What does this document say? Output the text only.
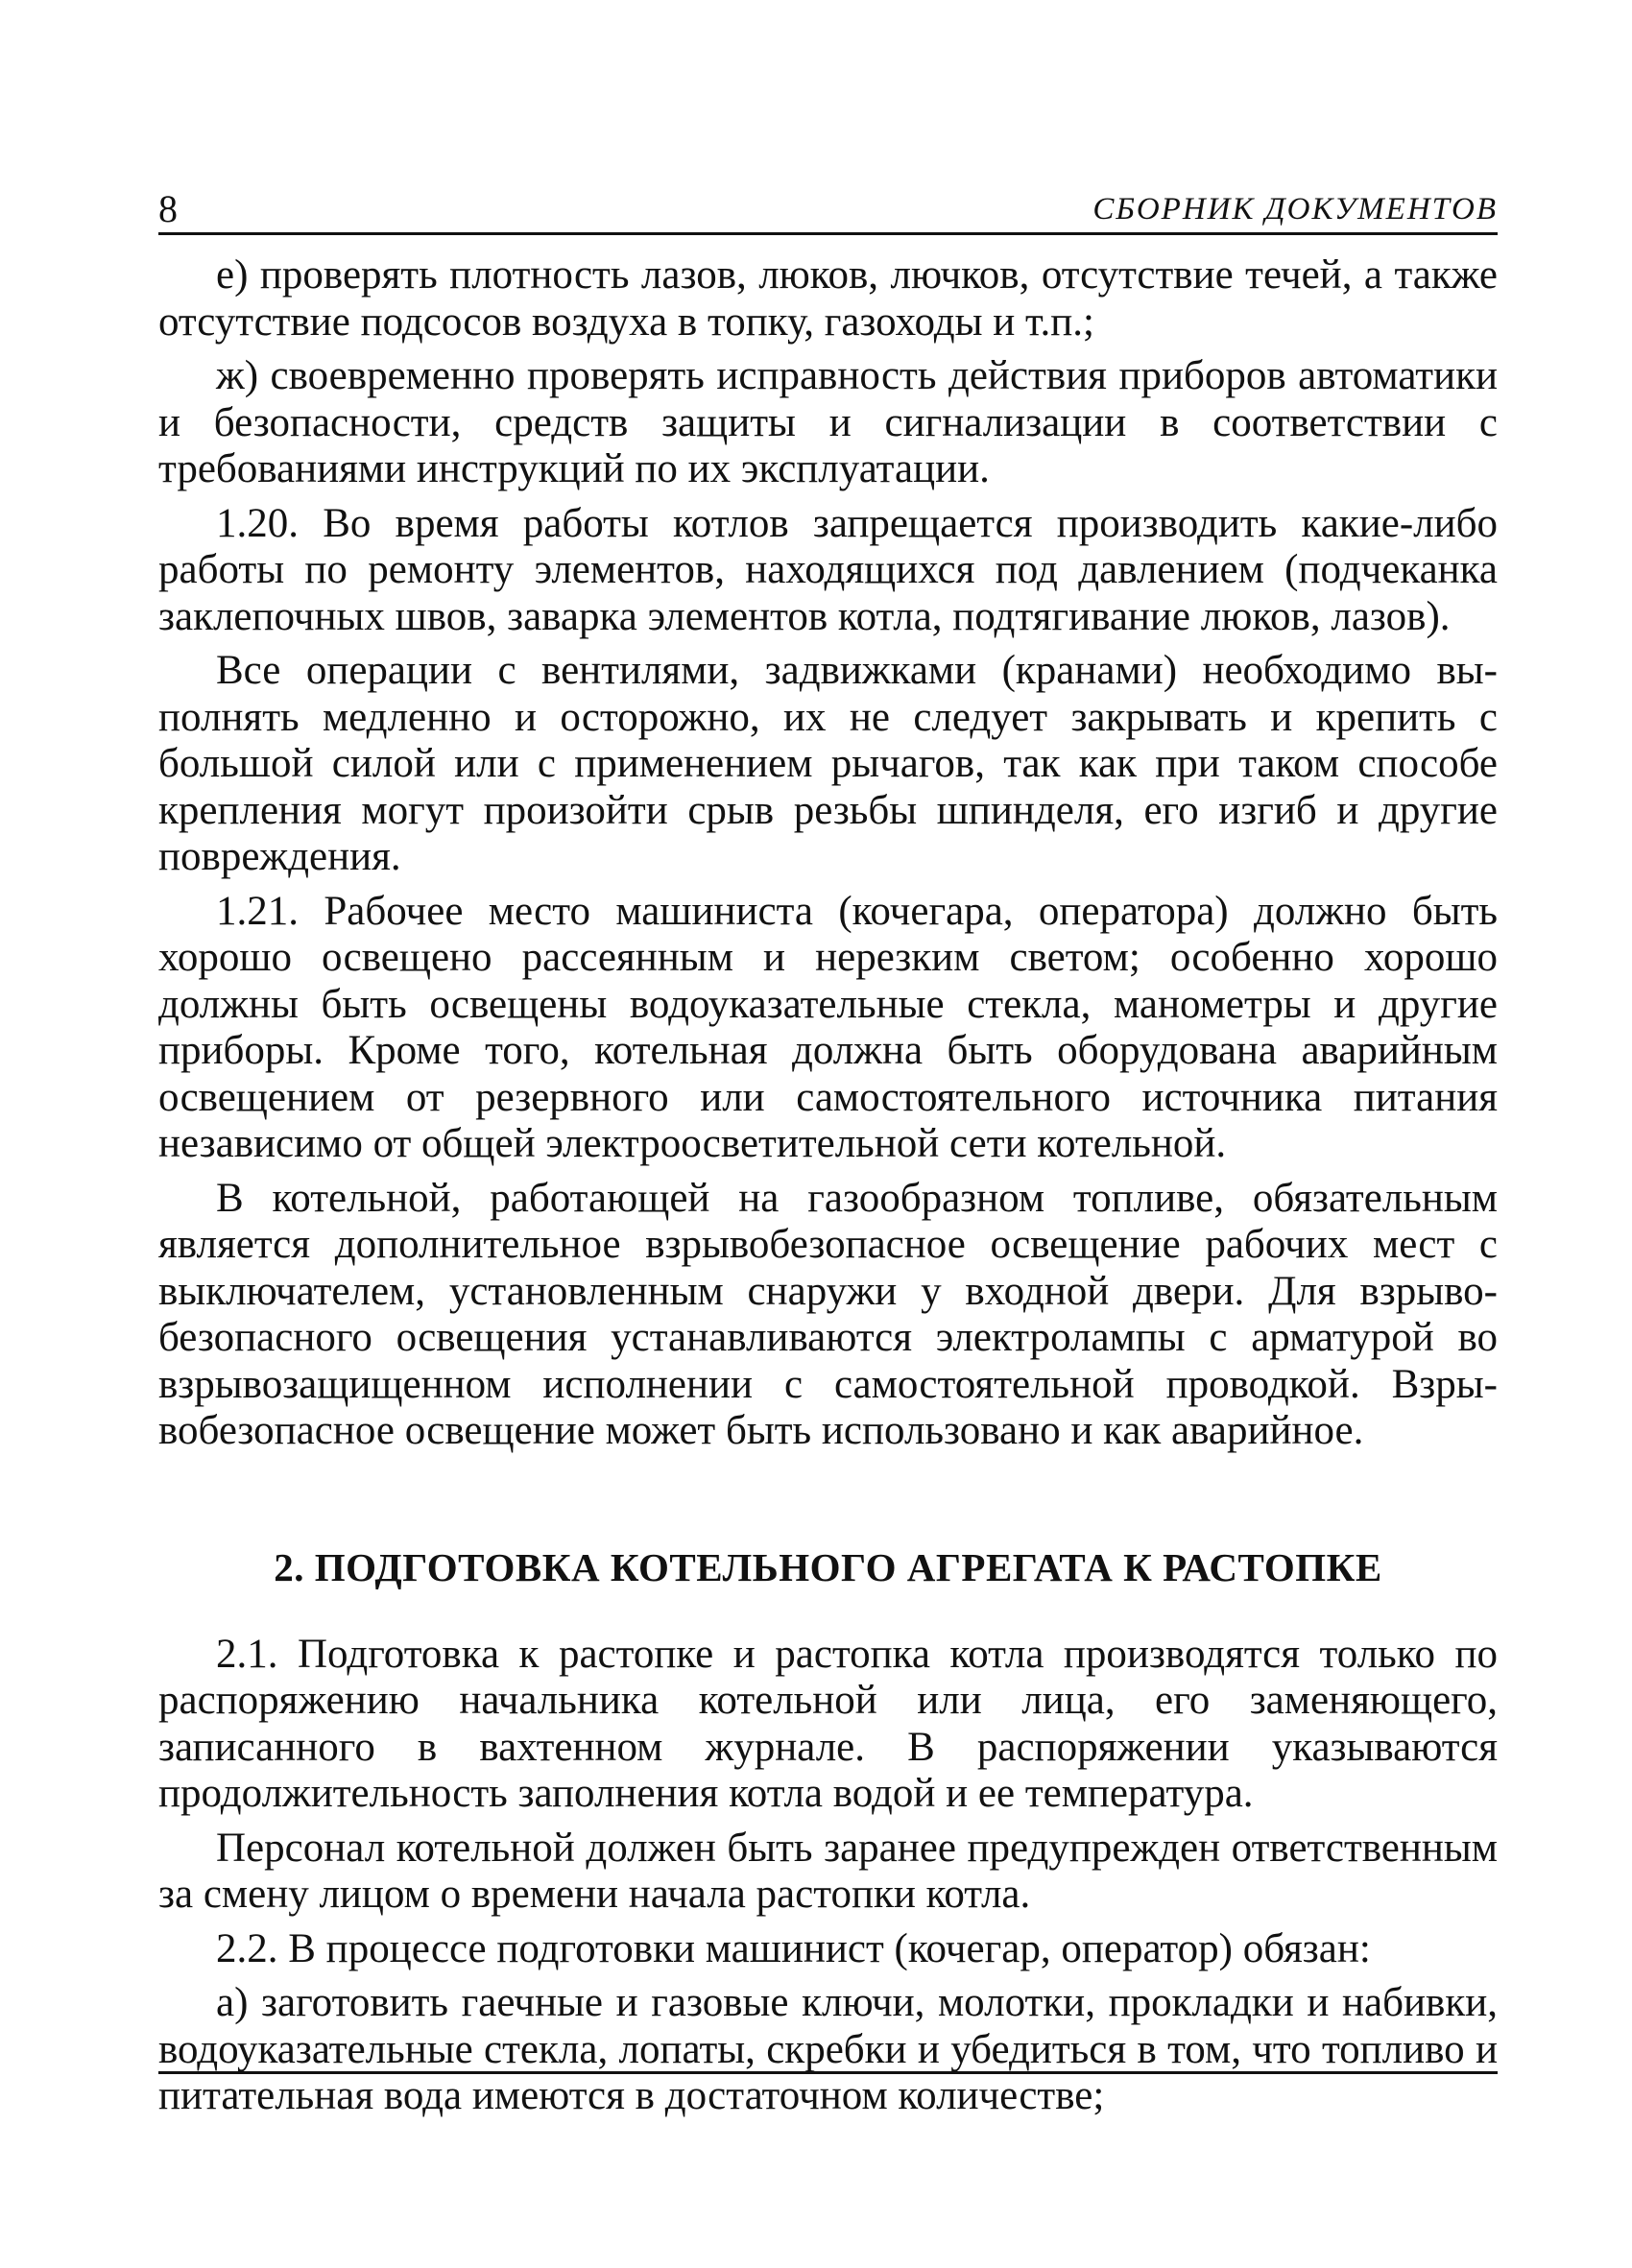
8	СБОРНИК ДОКУМЕНТОВ

е) проверять плотность лазов, люков, лючков, отсутствие течей, а также отсутствие подсосов воздуха в топку, газоходы и т.п.;

ж) своевременно проверять исправность действия приборов автоматики и безопасности, средств защиты и сигнализации в соответствии с требованиями инструкций по их эксплуатации.

1.20. Во время работы котлов запрещается производить какие-либо работы по ремонту элементов, находящихся под давлением (подчеканка заклепочных швов, заварка элементов котла, подтягивание люков, лазов).

Все операции с вентилями, задвижками (кранами) необходимо выполнять медленно и осторожно, их не следует закрывать и крепить с большой силой или с применением рычагов, так как при таком способе крепления могут произойти срыв резьбы шпинделя, его изгиб и другие повреждения.

1.21. Рабочее место машиниста (кочегара, оператора) должно быть хорошо освещено рассеянным и нерезким светом; особенно хорошо должны быть освещены водоуказательные стекла, манометры и другие приборы. Кроме того, котельная должна быть оборудована аварийным освещением от резервного или самостоятельного источника питания независимо от общей электроосветительной сети котельной.

В котельной, работающей на газообразном топливе, обязательным является дополнительное взрывобезопасное освещение рабочих мест с выключателем, установленным снаружи у входной двери. Для взрывобезопасного освещения устанавливаются электролампы с арматурой во взрывозащищенном исполнении с самостоятельной проводкой. Взрывобезопасное освещение может быть использовано и как аварийное.

2. ПОДГОТОВКА КОТЕЛЬНОГО АГРЕГАТА К РАСТОПКЕ

2.1. Подготовка к растопке и растопка котла производятся только по распоряжению начальника котельной или лица, его заменяющего, записанного в вахтенном журнале. В распоряжении указываются продолжительность заполнения котла водой и ее температура.

Персонал котельной должен быть заранее предупрежден ответственным за смену лицом о времени начала растопки котла.

2.2. В процессе подготовки машинист (кочегар, оператор) обязан:

а) заготовить гаечные и газовые ключи, молотки, прокладки и набивки, водоуказательные стекла, лопаты, скребки и убедиться в том, что топливо и питательная вода имеются в достаточном количестве;
